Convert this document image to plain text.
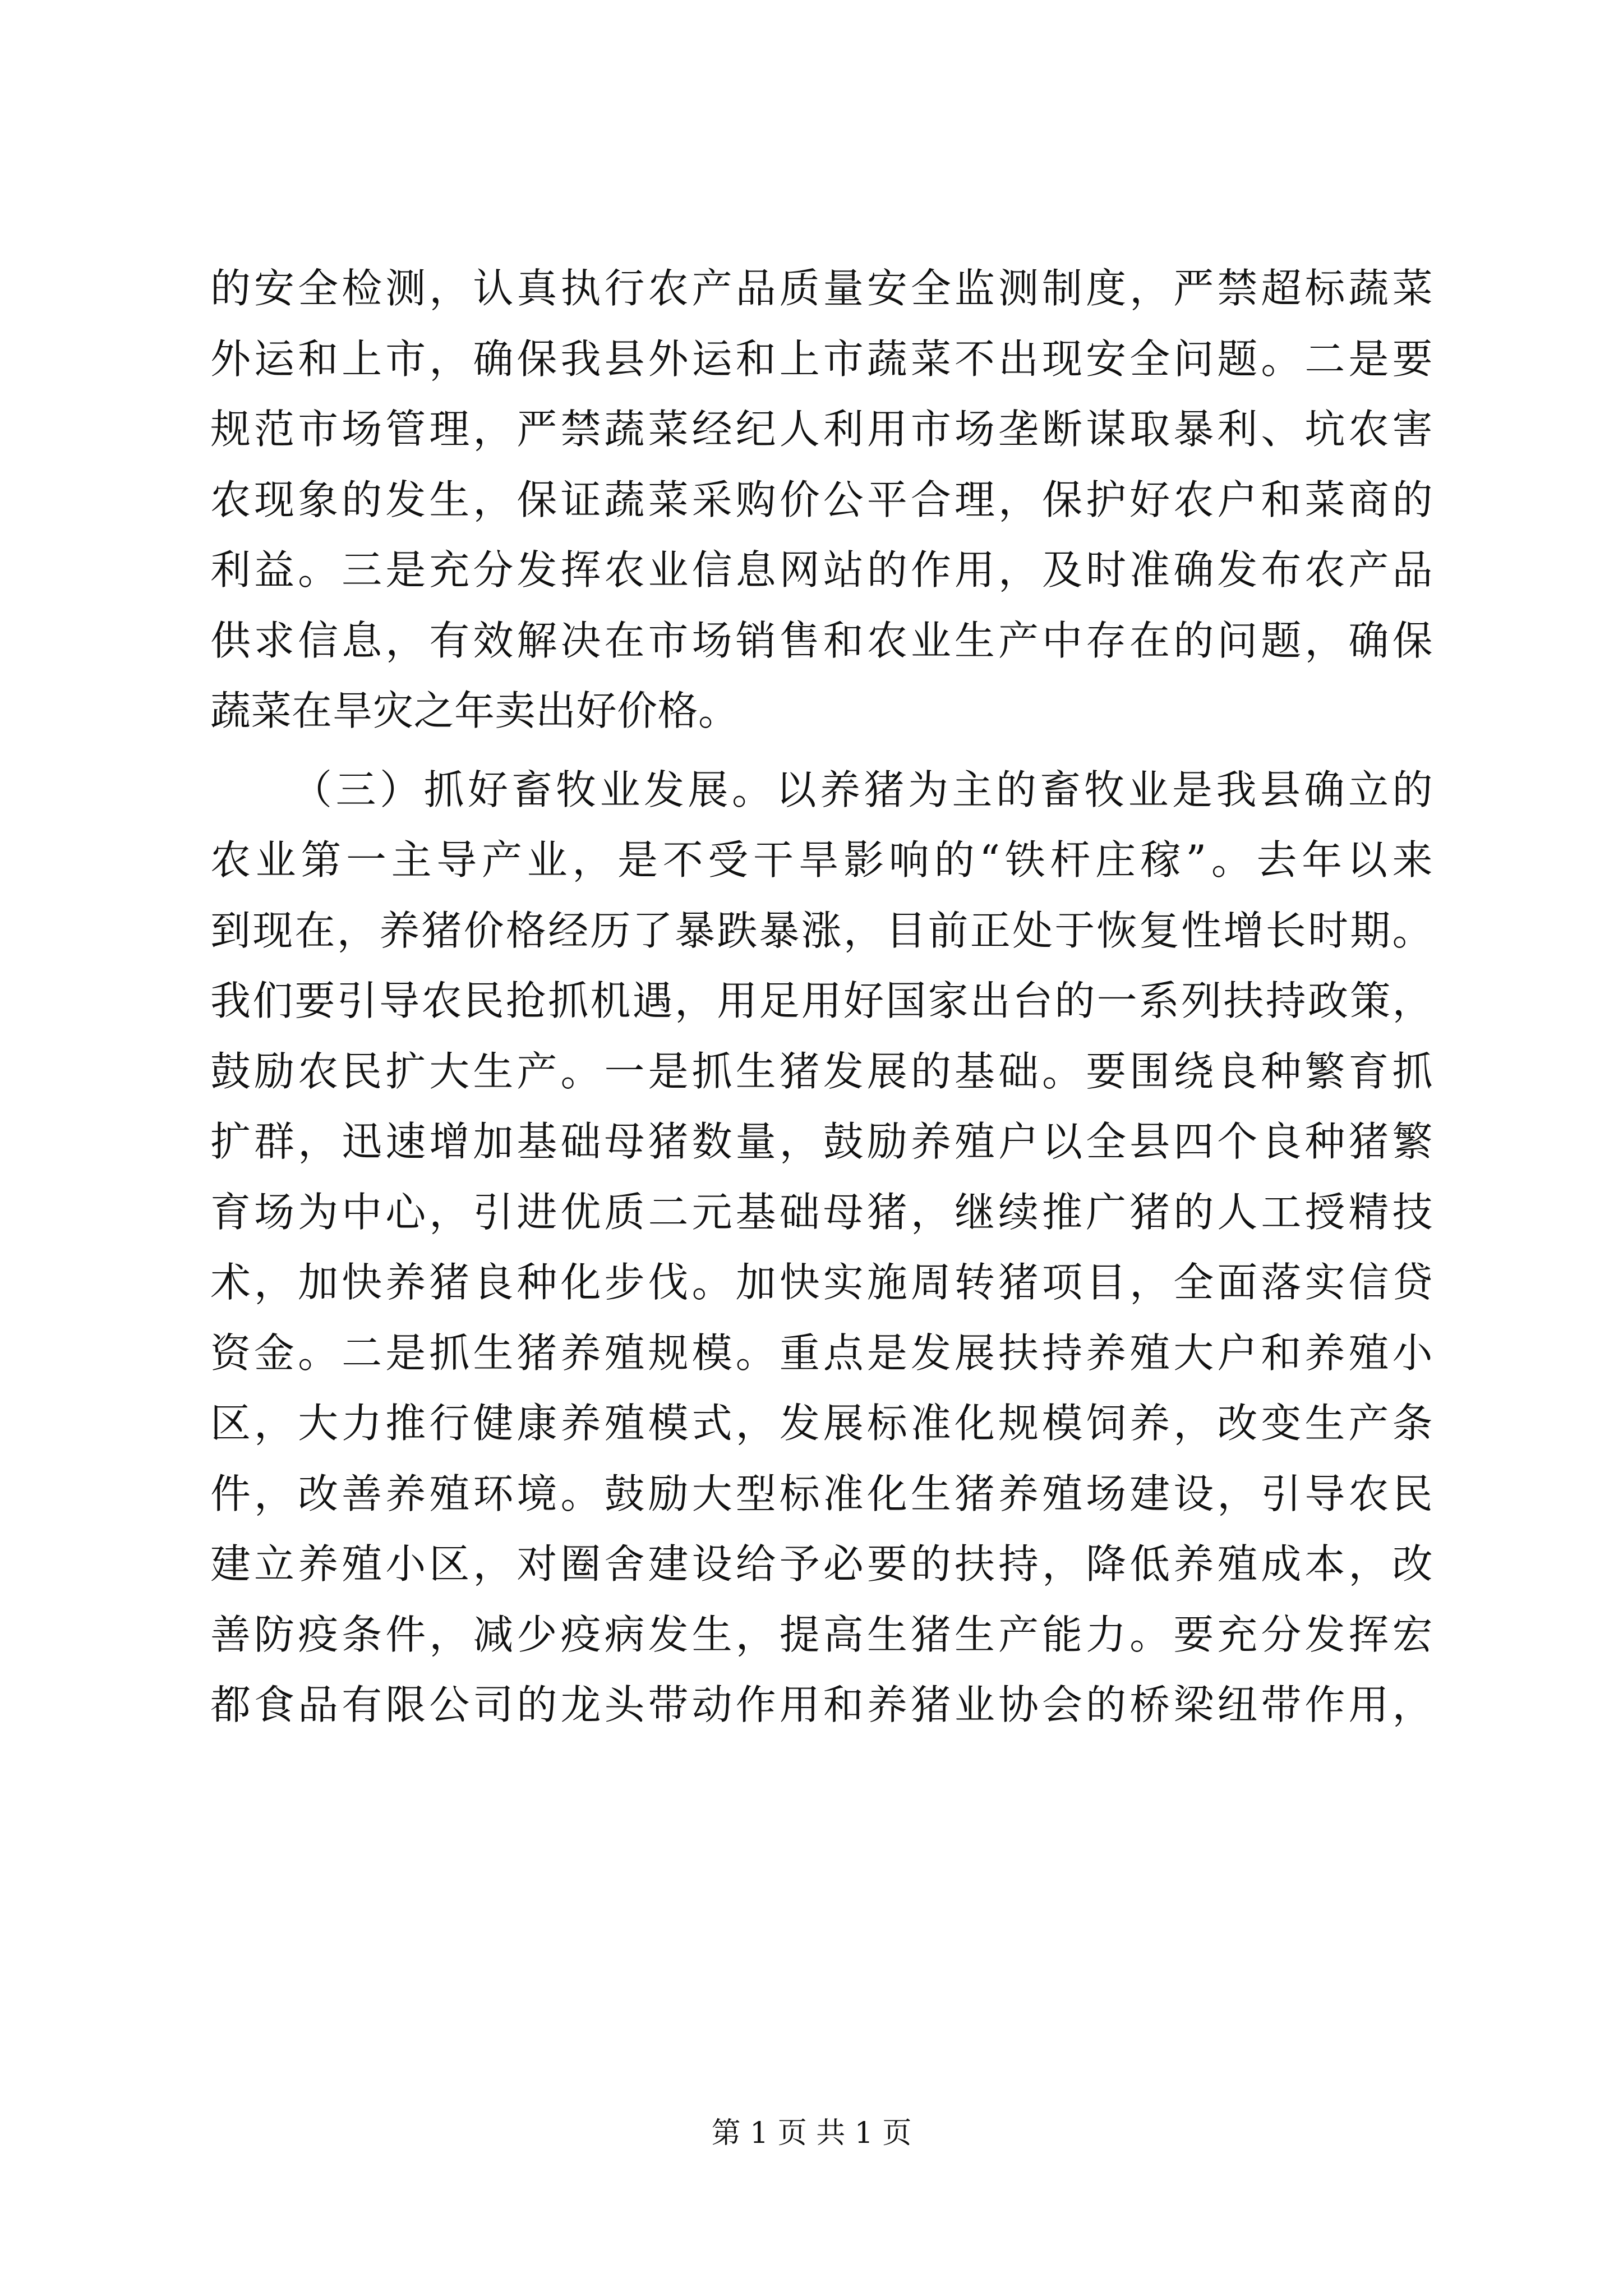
的安全检测，认真执行农产品质量安全监测制度，严禁超标蔬菜
外运和上市，确保我县外运和上市蔬菜不出现安全问题。二是要
规范市场管理，严禁蔬菜经纪人利用市场垄断谋取暴利、坑农害
农现象的发生，保证蔬菜采购价公平合理，保护好农户和菜商的
利益。三是充分发挥农业信息网站的作用，及时准确发布农产品
供求信息，有效解决在市场销售和农业生产中存在的问题，确保
蔬菜在旱灾之年卖出好价格。
（三）抓好畜牧业发展。以养猪为主的畜牧业是我县确立的
农业第一主导产业，是不受干旱影响的“铁杆庄稼”。去年以来
到现在，养猪价格经历了暴跌暴涨，目前正处于恢复性增长时期。
我们要引导农民抢抓机遇，用足用好国家出台的一系列扶持政策，
鼓励农民扩大生产。一是抓生猪发展的基础。要围绕良种繁育抓
扩群，迅速增加基础母猪数量，鼓励养殖户以全县四个良种猪繁
育场为中心，引进优质二元基础母猪，继续推广猪的人工授精技
术，加快养猪良种化步伐。加快实施周转猪项目，全面落实信贷
资金。二是抓生猪养殖规模。重点是发展扶持养殖大户和养殖小
区，大力推行健康养殖模式，发展标准化规模饲养，改变生产条
件，改善养殖环境。鼓励大型标准化生猪养殖场建设，引导农民
建立养殖小区，对圈舍建设给予必要的扶持，降低养殖成本，改
善防疫条件，减少疫病发生，提高生猪生产能力。要充分发挥宏
都食品有限公司的龙头带动作用和养猪业协会的桥梁纽带作用，
第 1 页 共 1 页
